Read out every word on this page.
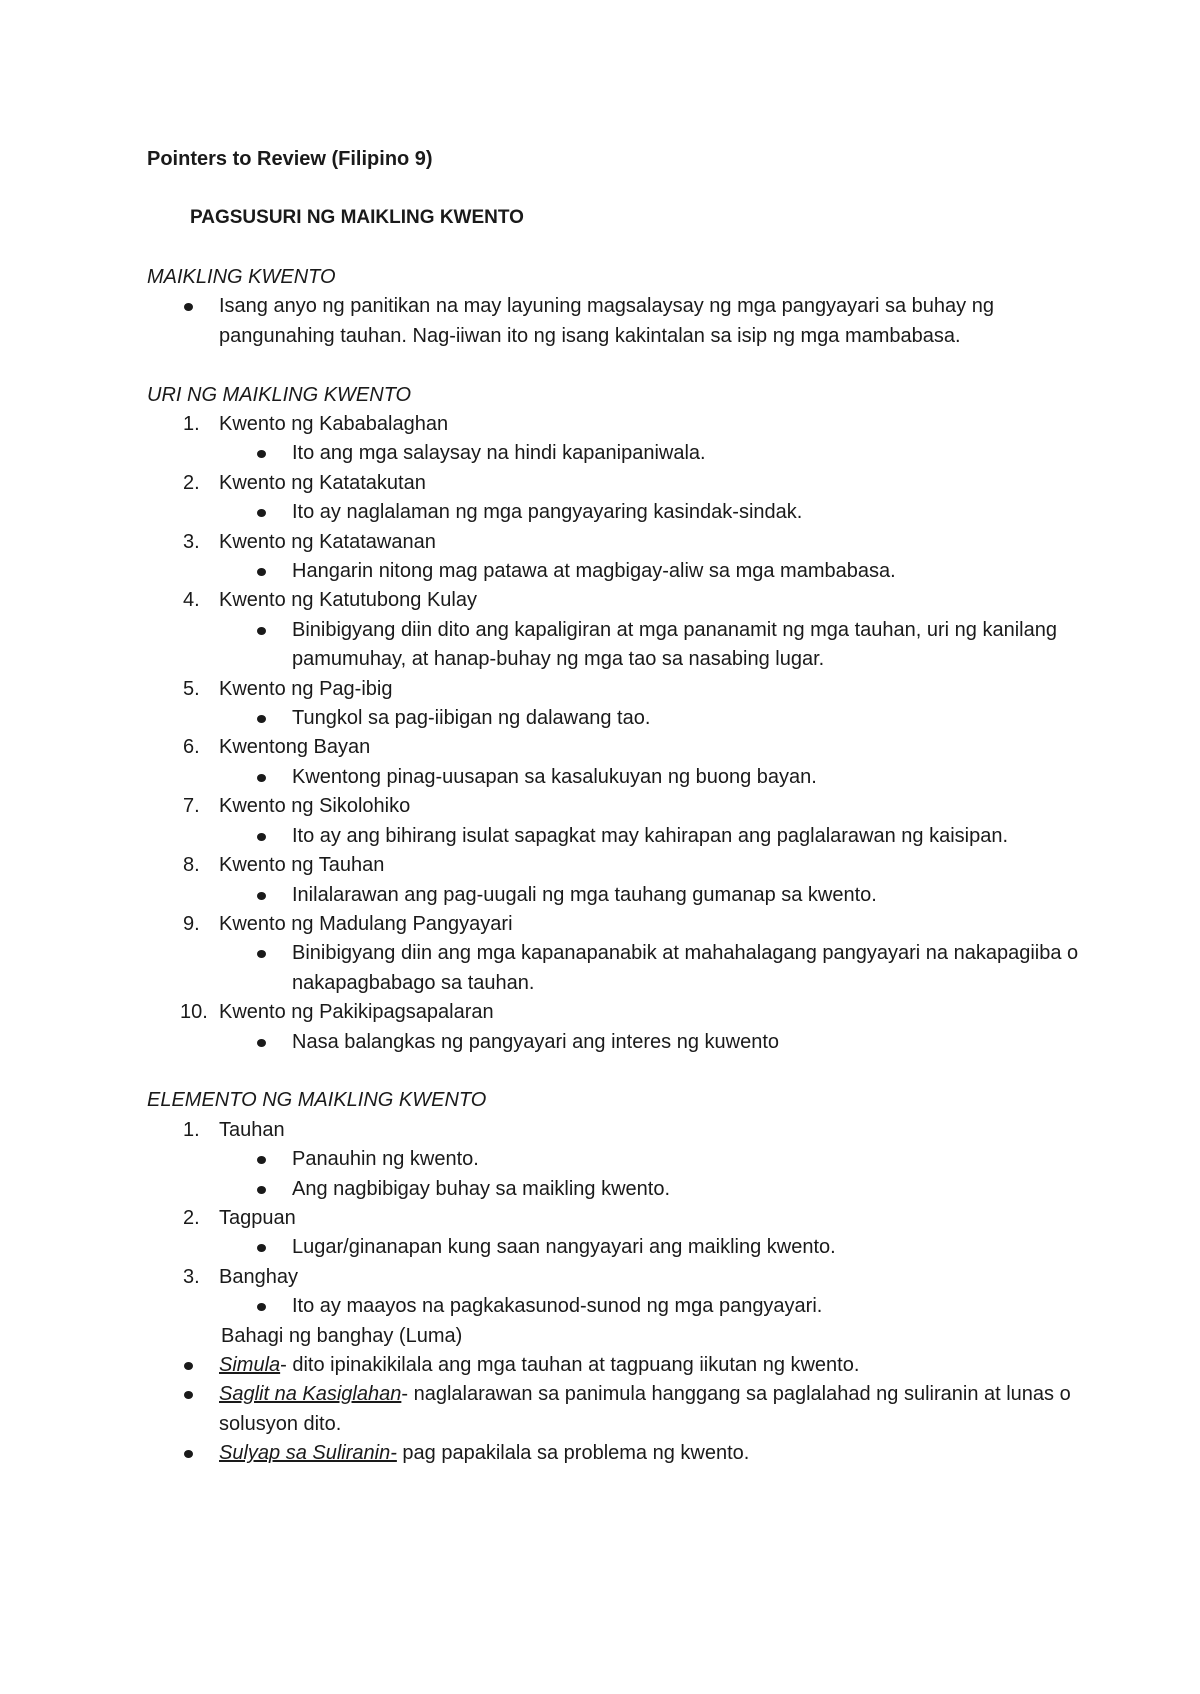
Pointers to Review (Filipino 9)

PAGSUSURI NG MAIKLING KWENTO

MAIKLING KWENTO

Isang anyo ng panitikan na may layuning magsalaysay ng mga pangyayari sa buhay ng pangunahing tauhan. Nag-iiwan ito ng isang kakintalan sa isip ng mga mambabasa.

URI NG MAIKLING KWENTO

1. Kwento ng Kababalaghan
Ito ang mga salaysay na hindi kapanipaniwala.
2. Kwento ng Katatakutan
Ito ay naglalaman ng mga pangyayaring kasindak-sindak.
3. Kwento ng Katatawanan
Hangarin nitong mag patawa at magbigay-aliw sa mga mambabasa.
4. Kwento ng Katutubong Kulay
Binibigyang diin dito ang kapaligiran at mga pananamit ng mga tauhan, uri ng kanilang pamumuhay, at hanap-buhay ng mga tao sa nasabing lugar.
5. Kwento ng Pag-ibig
Tungkol sa pag-iibigan ng dalawang tao.
6. Kwentong Bayan
Kwentong pinag-uusapan sa kasalukuyan ng buong bayan.
7. Kwento ng Sikolohiko
Ito ay ang bihirang isulat sapagkat may kahirapan ang paglalarawan ng kaisipan.
8. Kwento ng Tauhan
Inilalarawan ang pag-uugali ng mga tauhang gumanap sa kwento.
9. Kwento ng Madulang Pangyayari
Binibigyang diin ang mga kapanapanabik at mahahalagang pangyayari na nakapagiiba o nakapagbabago sa tauhan.
10. Kwento ng Pakikipagsapalaran
Nasa balangkas ng pangyayari ang interes ng kuwento

ELEMENTO NG MAIKLING KWENTO

1. Tauhan
Panauhin ng kwento.
Ang nagbibigay buhay sa maikling kwento.
2. Tagpuan
Lugar/ginanapan kung saan nangyayari ang maikling kwento.
3. Banghay
Ito ay maayos na pagkakasunod-sunod ng mga pangyayari.

Bahagi ng banghay (Luma)

Simula- dito ipinakikilala ang mga tauhan at tagpuang iikutan ng kwento.
Saglit na Kasiglahan- naglalarawan sa panimula hanggang sa paglalahad ng suliranin at lunas o solusyon dito.
Sulyap sa Suliranin- pag papakilala sa problema ng kwento.
